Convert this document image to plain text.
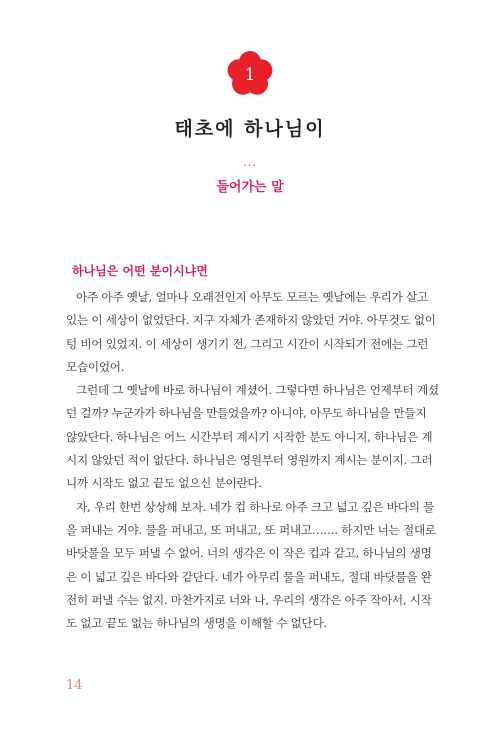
1
태초에 하나님이
...
들어가는 말
하나님은 어떤 분이시냐면

아주 아주 옛날, 얼마나 오래전인지 아무도 모르는 옛날에는 우리가 살고 있는 이 세상이 없었단다. 지구 자체가 존재하지 않았던 거야. 아무것도 없이 텅 비어 있었지. 이 세상이 생기기 전, 그리고 시간이 시작되기 전에는 그런 모습이었어.

그런데 그 옛날에 바로 하나님이 계셨어. 그렇다면 하나님은 언제부터 계셨던 걸까? 누군가가 하나님을 만들었을까? 아니야, 아무도 하나님을 만들지 않았단다. 하나님은 어느 시간부터 계시기 시작한 분도 아니지, 하나님은 계시지 않았던 적이 없단다. 하나님은 영원부터 영원까지 계시는 분이지. 그러니까 시작도 없고 끝도 없으신 분이란다.

자, 우리 한번 상상해 보자. 네가 컵 하나로 아주 크고 넓고 깊은 바다의 물을 퍼내는 거야. 물을 퍼내고, 또 퍼내고, 또 퍼내고……. 하지만 너는 절대로 바닷물을 모두 퍼낼 수 없어. 너의 생각은 이 작은 컵과 같고, 하나님의 생명은 이 넓고 깊은 바다와 같단다. 네가 아무리 물을 퍼내도, 절대 바닷물을 완전히 퍼낼 수는 없지. 마찬가지로 너와 나, 우리의 생각은 아주 작아서, 시작도 없고 끝도 없는 하나님의 생명을 이해할 수 없단다.

14
